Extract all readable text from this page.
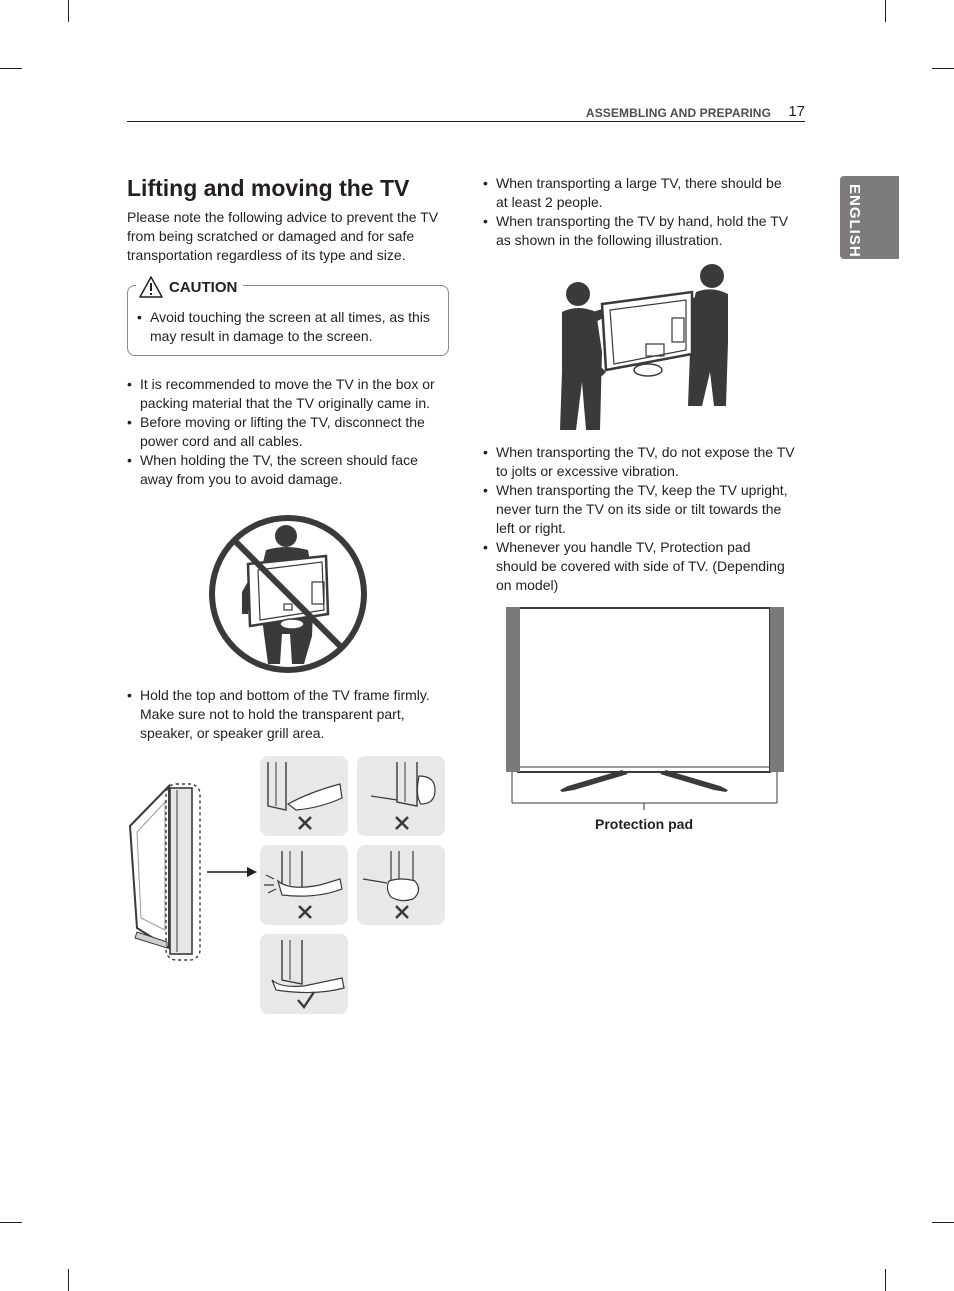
ASSEMBLING AND PREPARING 17
ENGLISH
Lifting and moving the TV

Please note the following advice to prevent the TV from being scratched or damaged and for safe transportation regardless of its type and size.

CAUTION
• Avoid touching the screen at all times, as this may result in damage to the screen.
• It is recommended to move the TV in the box or packing material that the TV originally came in.
• Before moving or lifting the TV, disconnect the power cord and all cables.
• When holding the TV, the screen should face away from you to avoid damage.
• Hold the top and bottom of the TV frame firmly. Make sure not to hold the transparent part, speaker, or speaker grill area.
• When transporting a large TV, there should be at least 2 people.
• When transporting the TV by hand, hold the TV as shown in the following illustration.
• When transporting the TV, do not expose the TV to jolts or excessive vibration.
• When transporting the TV, keep the TV upright, never turn the TV on its side or tilt towards the left or right.
• Whenever you handle TV, Protection pad should be covered with side of TV. (Depending on model)
Protection pad
